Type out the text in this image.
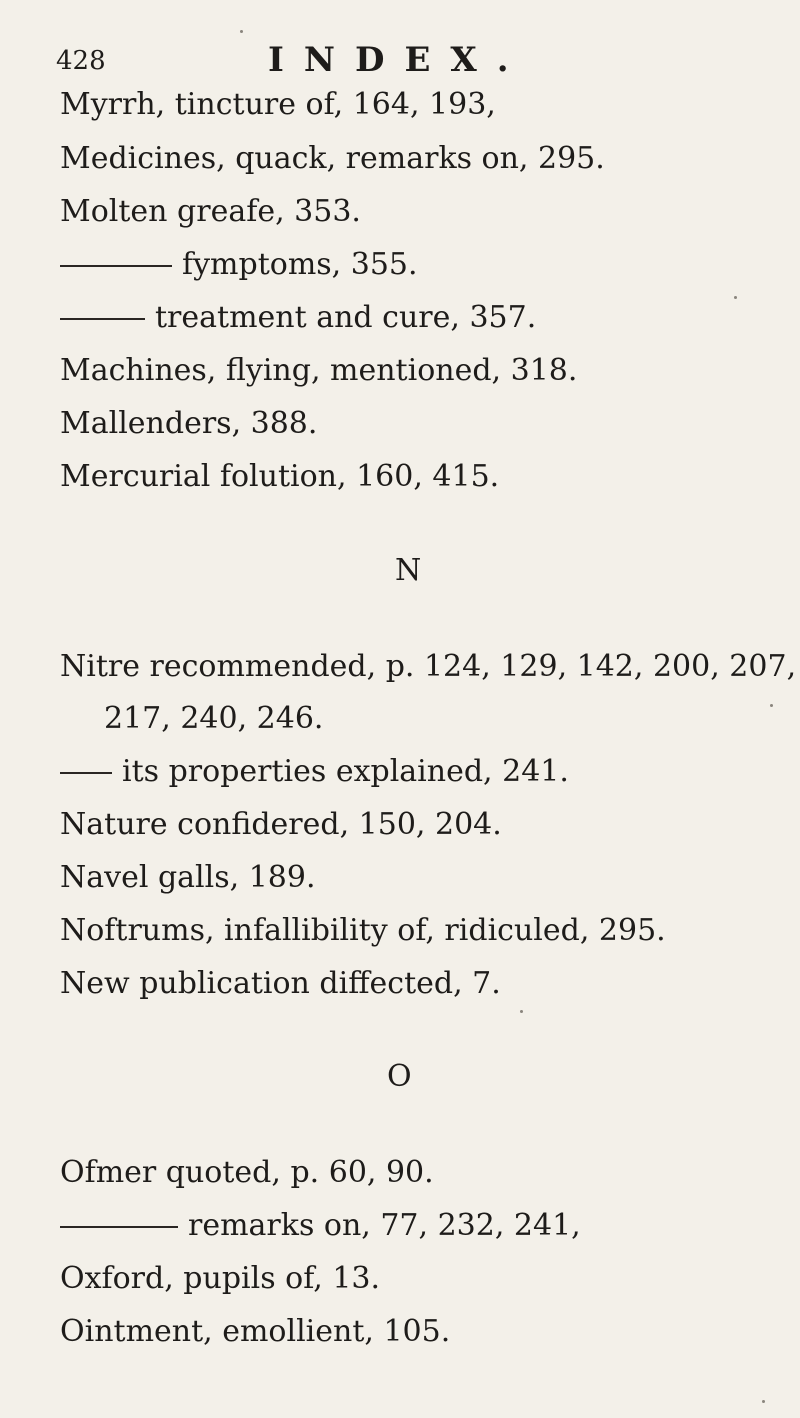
428	INDEX.
Myrrh, tincture of, 164, 193,
Medicines, quack, remarks on, 295.
Molten greafe, 353.
fymptoms, 355.
treatment and cure, 357.
Machines, flying, mentioned, 318.
Mallenders, 388.
Mercurial folution, 160, 415.
N
Nitre recommended, p. 124, 129, 142, 200, 207,
217, 240, 246.
its properties explained, 241.
Nature confidered, 150, 204.
Navel galls, 189.
Noftrums, infallibility of, ridiculed, 295.
New publication diffected, 7.
O
Ofmer quoted, p. 60, 90.
remarks on, 77, 232, 241,
Oxford, pupils of, 13.
Ointment, emollient, 105.
